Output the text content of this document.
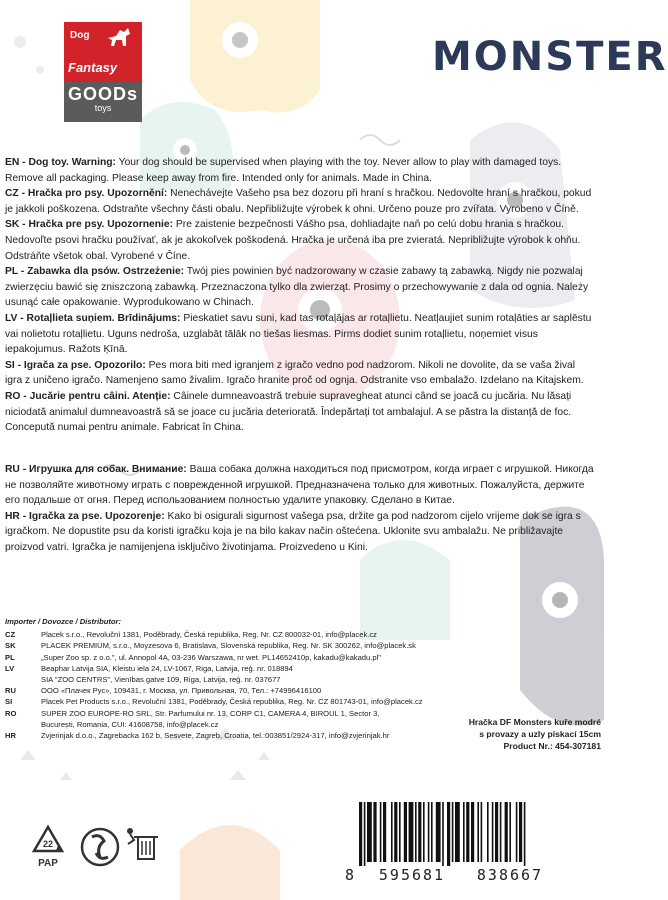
Dog
Fantasy
GOODs
toys
MONSTER

EN - Dog toy. Warning: Your dog should be supervised when playing with the toy. Never allow to play with damaged toys. Remove all packaging. Please keep away from fire. Intended only for animals. Made in China.

CZ - Hračka pro psy. Upozornění: Nenechávejte Vašeho psa bez dozoru při hraní s hračkou. Nedovolte hraní s hračkou, pokud je jakkoli poškozena. Odstraňte všechny části obalu. Nepřibližujte výrobek k ohni. Určeno pouze pro zvířata. Vyrobeno v Číně.

SK - Hračka pre psy. Upozornenie: Pre zaistenie bezpečnosti Vášho psa, dohliadajte naň po celú dobu hrania s hračkou. Nedovoľte psovi hračku používať, ak je akokoľvek poškodená. Hračka je určená iba pre zvieratá. Nepribližujte výrobok k ohňu. Odstráňte všetok obal. Vyrobené v Číne.

PL - Zabawka dla psów. Ostrzeżenie: Twój pies powinien być nadzorowany w czasie zabawy tą zabawką. Nigdy nie pozwalaj zwierzęciu bawić się zniszczoną zabawką. Przeznaczona tylko dla zwierząt. Prosimy o przechowywanie z dala od ognia. Należy usunąć całe opakowanie. Wyprodukowano w Chinach.

LV - Rotaļlieta suņiem. Brīdinājums: Pieskatiet savu suni, kad tas rotaļājas ar rotaļlietu. Neatļaujiet sunim rotaļāties ar saplēstu vai nolietotu rotaļlietu. Uguns nedroša, uzglabāt tālāk no tiešas liesmas. Pirms dodiet sunim rotaļlietu, noņemiet visus iepakojumus. Ražots Ķīnā.

SI - Igrača za pse. Opozorilo: Pes mora biti med igranjem z igračo vedno pod nadzorom. Nikoli ne dovolite, da se vaša žival igra z uničeno igračo. Namenjeno samo živalim. Igračo hranite proč od ognja. Odstranite vso embalažo. Izdelano na Kitajskem.

RO - Jucărie pentru câini. Atenție: Câinele dumneavoastră trebuie supravegheat atunci când se joacă cu jucăria. Nu lăsați niciodată animalul dumneavoastră să se joace cu jucăria deteriorată. Îndepărtați tot ambalajul. A se păstra la distanță de foc. Concepută numai pentru animale. Fabricat în China.

RU - Игрушка для собак. Внимание: Ваша собака должна находиться под присмотром, когда играет с игрушкой. Никогда не позволяйте животному играть с поврежденной игрушкой. Предназначена только для животных. Пожалуйста, держите его подальше от огня. Перед использованием полностью удалите упаковку. Сделано в Китае.

HR - Igračka za pse. Upozorenje: Kako bi osigurali sigurnost vašega psa, držite ga pod nadzorom cijelo vrijeme dok se igra s igračkom. Ne dopustite psu da koristi igračku koja je na bilo kakav način oštećena. Uklonite svu ambalažu. Ne približavajte proizvod vatri. Igračka je namijenjena isključivo životinjama. Proizvedeno u Kini.

Importer / Dovozce / Distributor:
CZ	Placek s.r.o., Revoluční 1381, Poděbrady, Česká republika, Reg. Nr. CZ 800032-01, info@placek.cz
SK	PLACEK PREMIUM, s.r.o., Moyzesova 6, Bratislava, Slovenská republika, Reg. Nr. SK 300262, info@placek.sk
PL	„Super Zoo sp. z o.o.", ul. Annopol 4A, 03-236 Warszawa, nr wet. PL14652410p, kakadu@kakadu.pl"
LV	Beaphar Latvija SIA, Kleistu iela 24, LV-1067, Riga, Latvija, reģ. nr. 018894
SIA "ZOO CENTRS", Vienības gatve 109, Riga, Latvija, reģ. nr. 037677
RU	ООО «Плачек Рус», 109431, г. Москва, ул. Привольная, 70, Тел.: +74996416100
SI	Placek Pet Products s.r.o., Revoluční 1381, Poděbrady, Česká republika, Reg. Nr. CZ 801743-01, info@placek.cz
RO	SUPER ZOO EUROPE-RO SRL, Str. Parfumului nr. 13, CORP C1, CAMERA 4, BIROUL 1, Sector 3,
București, Romania, CUI: 41608758, info@placek.cz
HR	Zvjerinjak d.o.o., Zagrebacka 162 b, Sesvete, Zagreb, Croatia, tel.:003851/2924-317, info@zvjerinjak.hr
Hračka DF Monsters kuře modré
s provazy a uzly pískací 15cm
Product Nr.: 454-307181
22
PAP
8	595681	838667
